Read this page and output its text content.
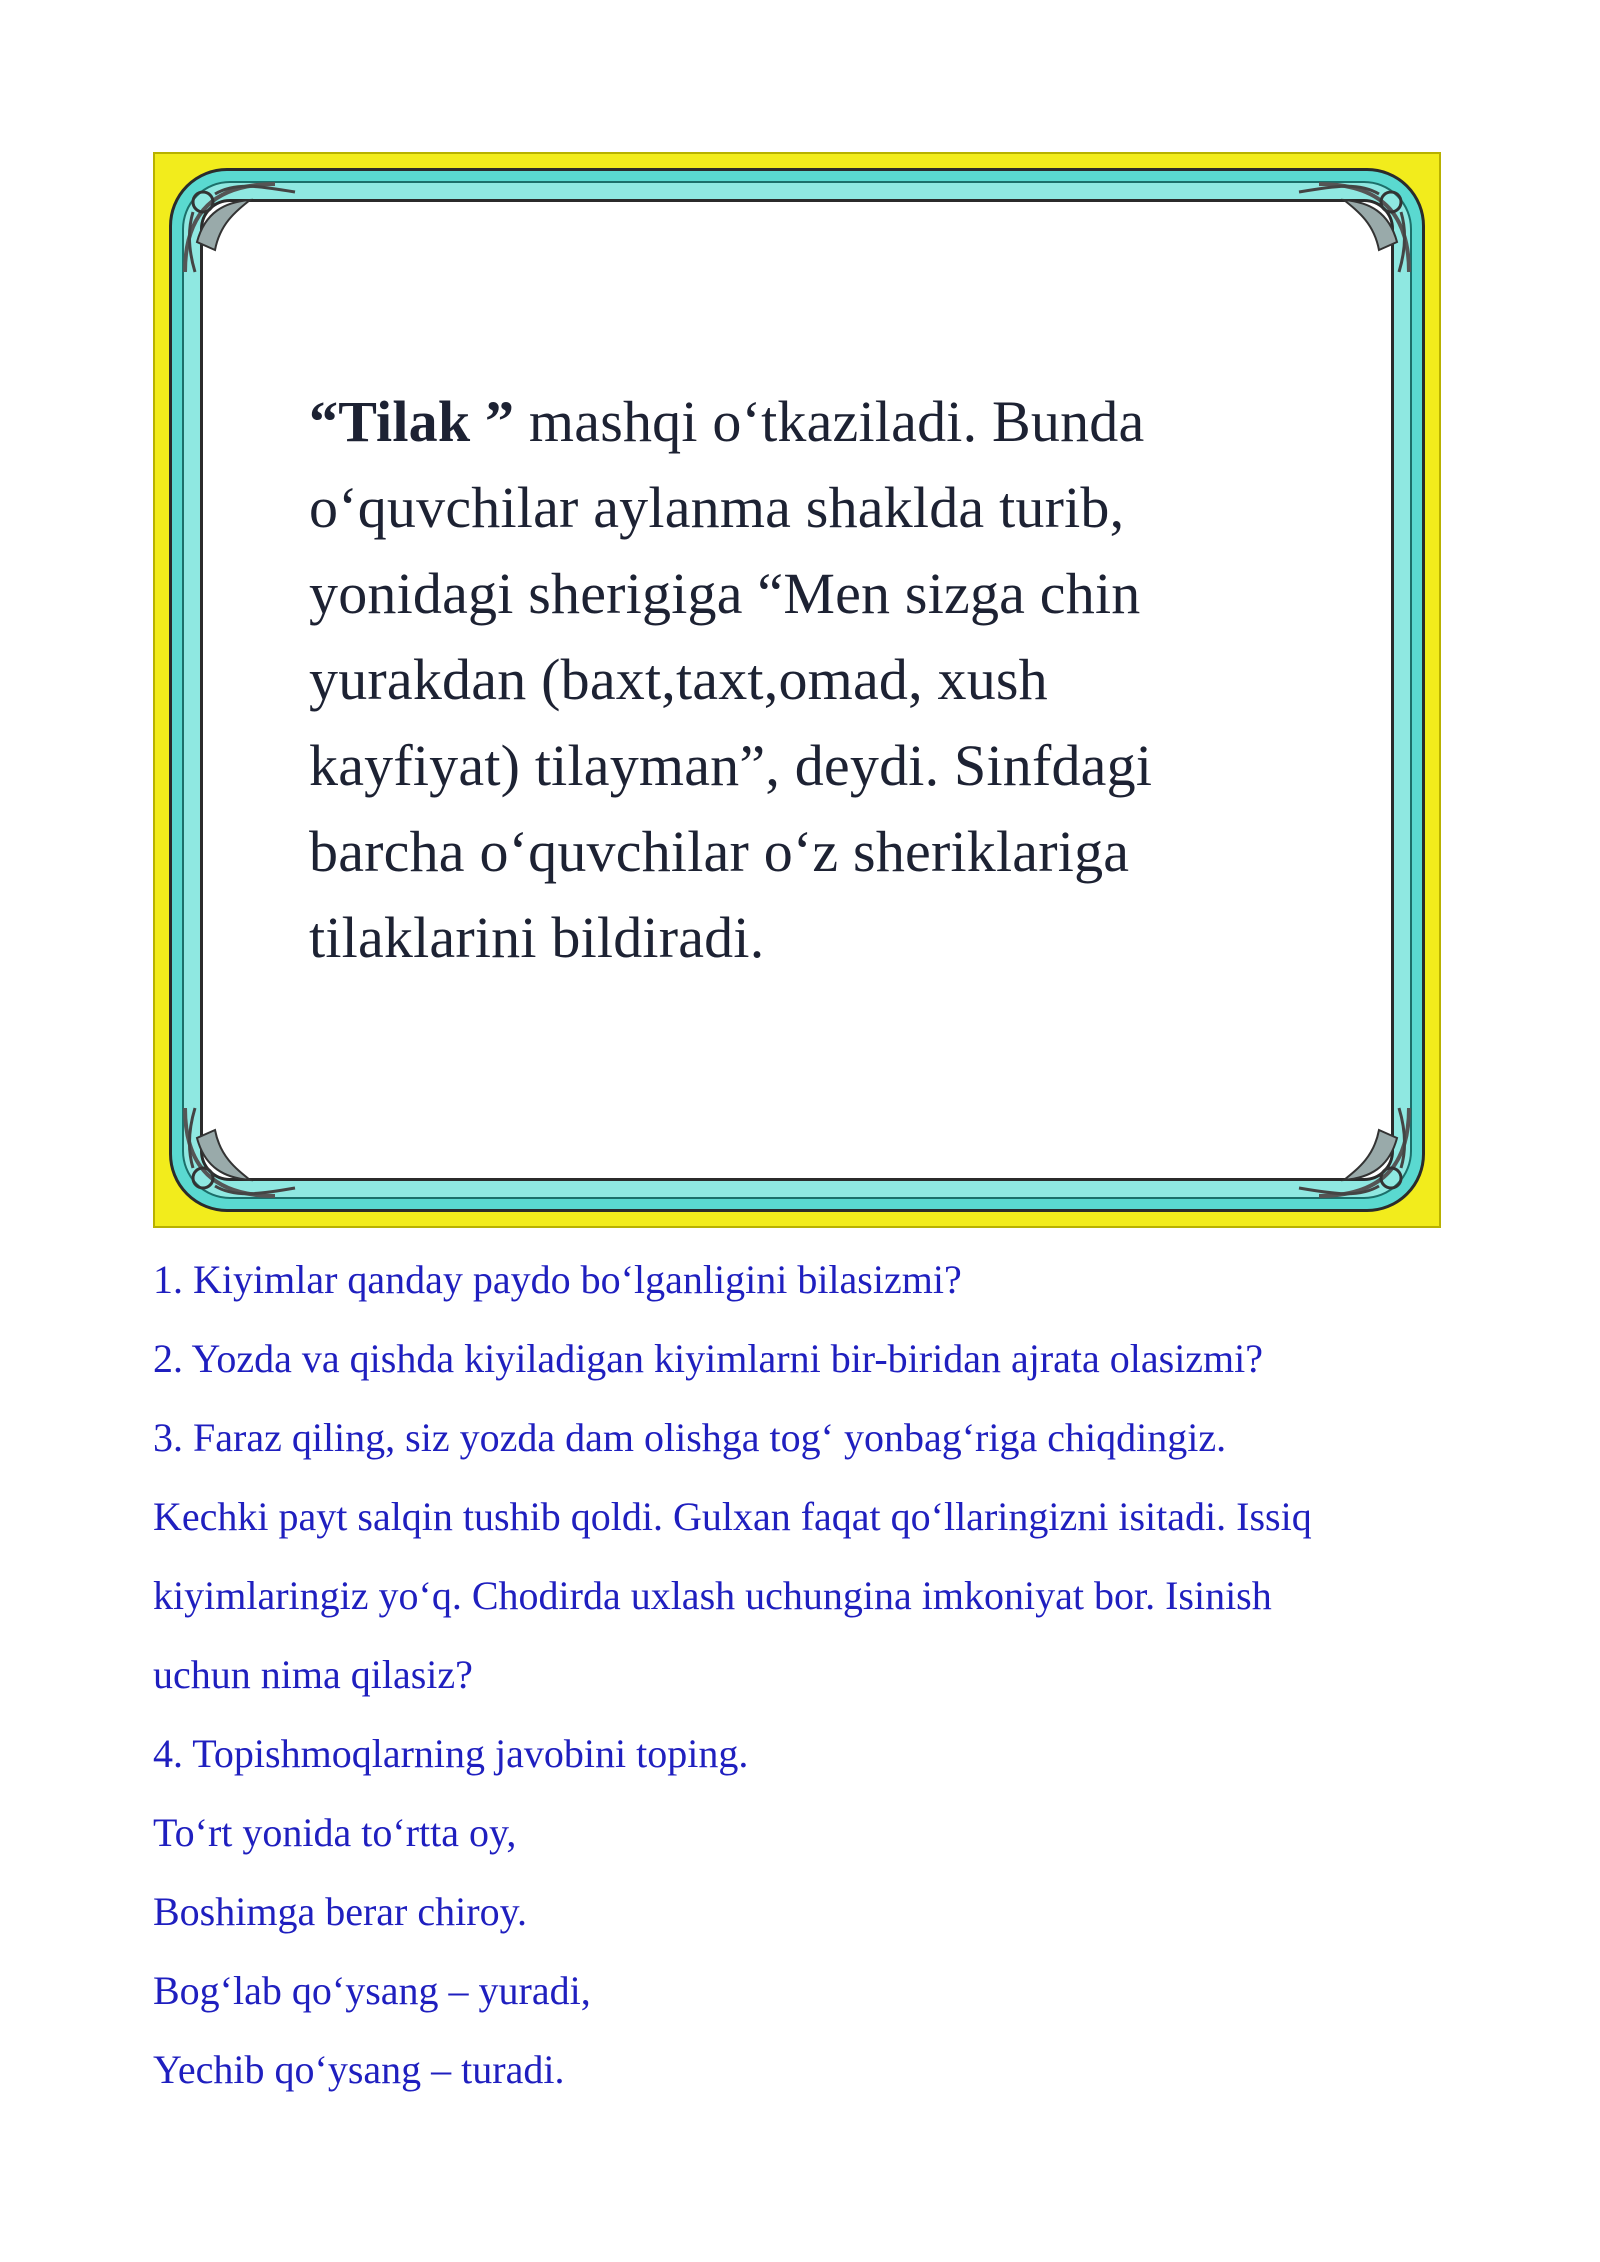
“Tilak ” mashqi o‘tkaziladi. Bunda
o‘quvchilar aylanma shaklda turib,
yonidagi sherigiga “Men sizga chin
yurakdan (baxt,taxt,omad, xush
kayfiyat) tilayman”, deydi. Sinfdagi
barcha o‘quvchilar o‘z sheriklariga
tilaklarini bildiradi.
1. Kiyimlar qanday paydo bo‘lganligini bilasizmi?
2. Yozda va qishda kiyiladigan kiyimlarni bir-biridan ajrata olasizmi?
3. Faraz qiling, siz yozda dam olishga tog‘ yonbag‘riga chiqdingiz.
Kechki payt salqin tushib qoldi. Gulxan faqat qo‘llaringizni isitadi. Issiq
kiyimlaringiz yo‘q. Chodirda uxlash uchungina imkoniyat bor. Isinish
uchun nima qilasiz?
4. Topishmoqlarning javobini toping.
To‘rt yonida to‘rtta oy,
Boshimga berar chiroy.
Bog‘lab qo‘ysang – yuradi,
Yechib qo‘ysang – turadi.
